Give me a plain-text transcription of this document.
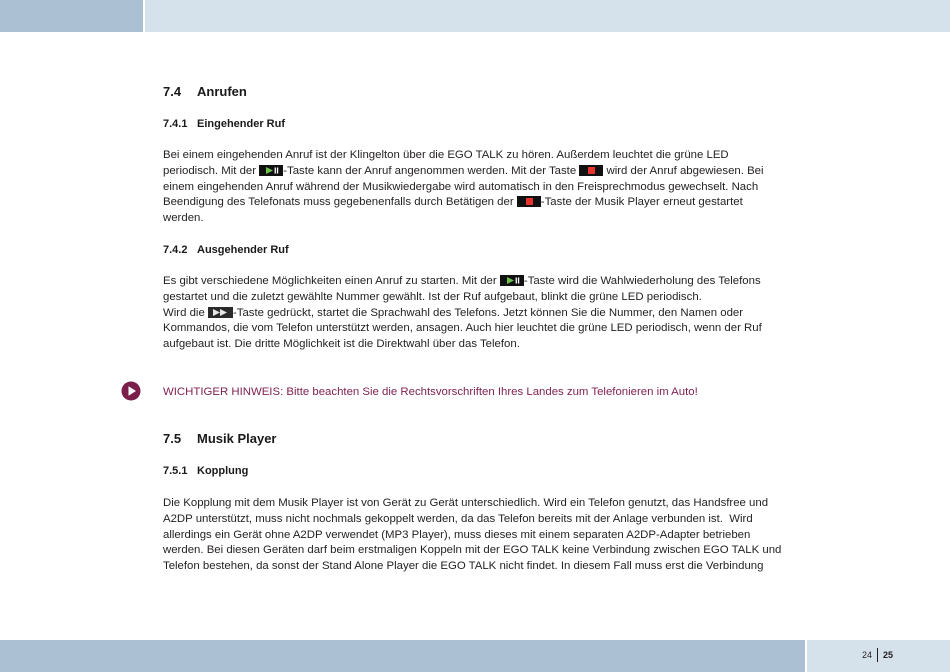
7.4 Anrufen
7.4.1 Eingehender Ruf
Bei einem eingehenden Anruf ist der Klingelton über die EGO TALK zu hören. Außerdem leuchtet die grüne LED
periodisch. Mit der
-Taste kann der Anruf angenommen werden. Mit der Taste
wird der Anruf abgewiesen. Bei
einem eingehenden Anruf während der Musikwiedergabe wird automatisch in den Freisprechmodus gewechselt. Nach
Beendigung des Telefonats muss gegebenenfalls durch Betätigen der
-Taste der Musik Player erneut gestartet
werden.
7.4.2 Ausgehender Ruf
Es gibt verschiedene Möglichkeiten einen Anruf zu starten. Mit der
-Taste wird die Wahlwiederholung des Telefons
gestartet und die zuletzt gewählte Nummer gewählt. Ist der Ruf aufgebaut, blinkt die grüne LED periodisch.
Wird die
-Taste gedrückt, startet die Sprachwahl des Telefons. Jetzt können Sie die Nummer, den Namen oder
Kommandos, die vom Telefon unterstützt werden, ansagen. Auch hier leuchtet die grüne LED periodisch, wenn der Ruf
aufgebaut ist. Die dritte Möglichkeit ist die Direktwahl über das Telefon.
WICHTIGER HINWEIS: Bitte beachten Sie die Rechtsvorschriften Ihres Landes zum Telefonieren im Auto!
7.5 Musik Player
7.5.1 Kopplung
Die Kopplung mit dem Musik Player ist von Gerät zu Gerät unterschiedlich. Wird ein Telefon genutzt, das Handsfree und
A2DP unterstützt, muss nicht nochmals gekoppelt werden, da das Telefon bereits mit der Anlage verbunden ist.  Wird
allerdings ein Gerät ohne A2DP verwendet (MP3 Player), muss dieses mit einem separaten A2DP-Adapter betrieben
werden. Bei diesen Geräten darf beim erstmaligen Koppeln mit der EGO TALK keine Verbindung zwischen EGO TALK und
Telefon bestehen, da sonst der Stand Alone Player die EGO TALK nicht findet. In diesem Fall muss erst die Verbindung
24	25
